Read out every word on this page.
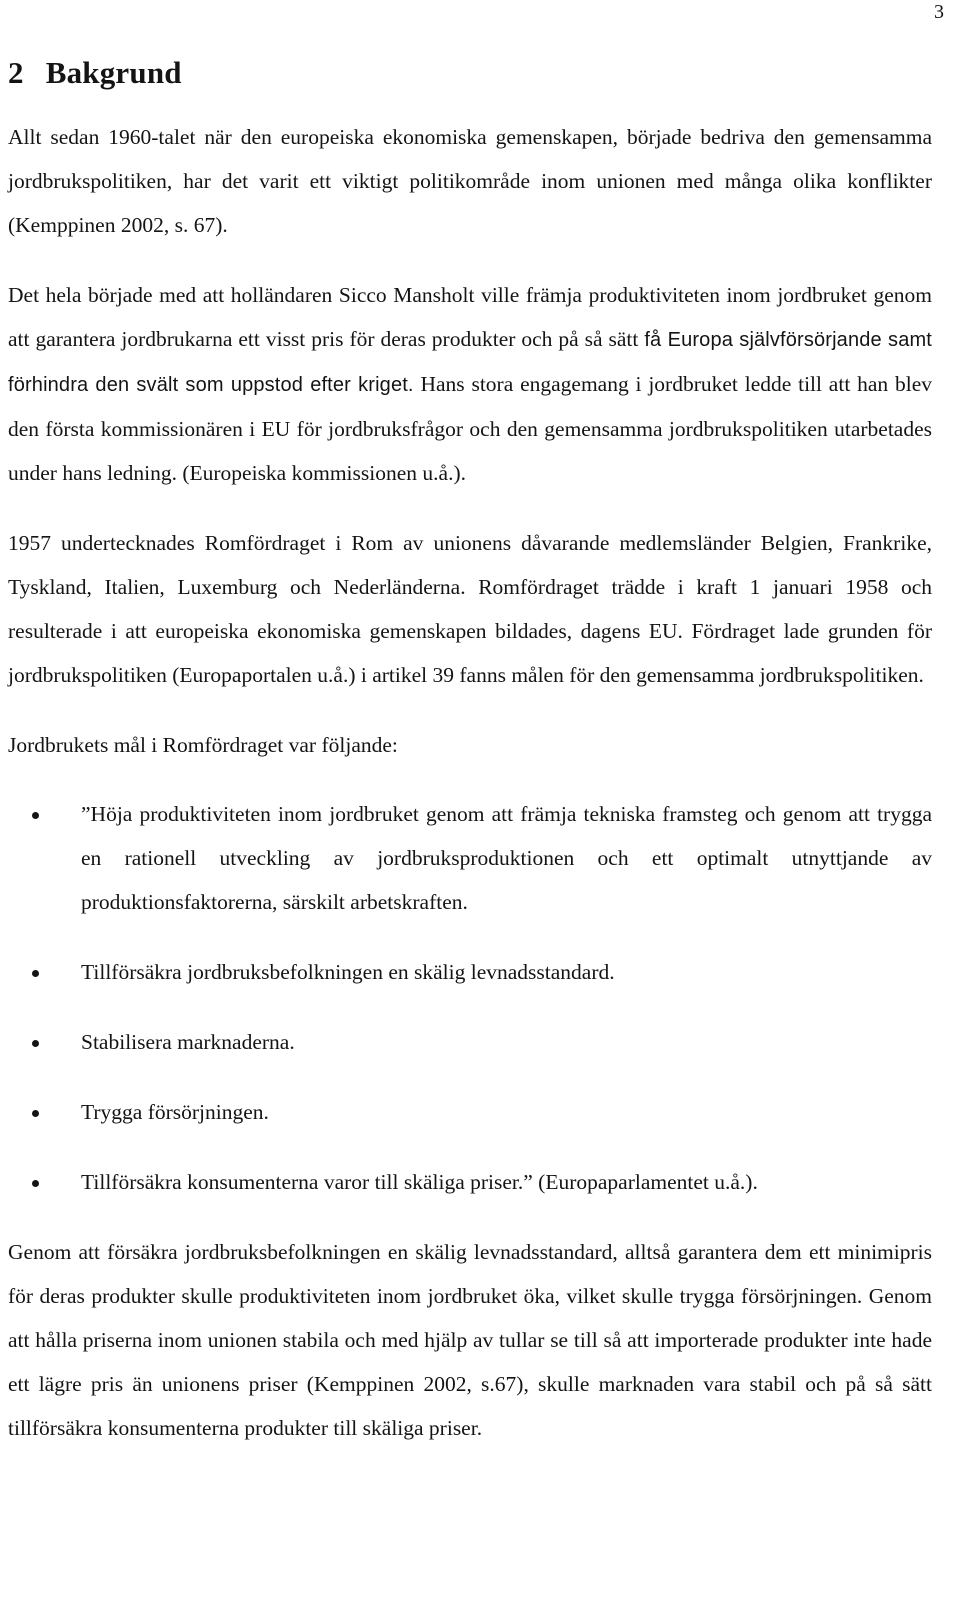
3
2 Bakgrund

Allt sedan 1960-talet när den europeiska ekonomiska gemenskapen, började bedriva den gemensamma jordbrukspolitiken, har det varit ett viktigt politikområde inom unionen med många olika konflikter (Kemppinen 2002, s. 67).

Det hela började med att holländaren Sicco Mansholt ville främja produktiviteten inom jordbruket genom att garantera jordbrukarna ett visst pris för deras produkter och på så sätt få Europa självförsörjande samt förhindra den svält som uppstod efter kriget. Hans stora engagemang i jordbruket ledde till att han blev den första kommissionären i EU för jordbruksfrågor och den gemensamma jordbrukspolitiken utarbetades under hans ledning. (Europeiska kommissionen u.å.).

1957 undertecknades Romfördraget i Rom av unionens dåvarande medlemsländer Belgien, Frankrike, Tyskland, Italien, Luxemburg och Nederländerna. Romfördraget trädde i kraft 1 januari 1958 och resulterade i att europeiska ekonomiska gemenskapen bildades, dagens EU. Fördraget lade grunden för jordbrukspolitiken (Europaportalen u.å.) i artikel 39 fanns målen för den gemensamma jordbrukspolitiken.

Jordbrukets mål i Romfördraget var följande:

”Höja produktiviteten inom jordbruket genom att främja tekniska framsteg och genom att trygga en rationell utveckling av jordbruksproduktionen och ett optimalt utnyttjande av produktionsfaktorerna, särskilt arbetskraften.
Tillförsäkra jordbruksbefolkningen en skälig levnadsstandard.
Stabilisera marknaderna.
Trygga försörjningen.
Tillförsäkra konsumenterna varor till skäliga priser.” (Europaparlamentet u.å.).

Genom att försäkra jordbruksbefolkningen en skälig levnadsstandard, alltså garantera dem ett minimipris för deras produkter skulle produktiviteten inom jordbruket öka, vilket skulle trygga försörjningen. Genom att hålla priserna inom unionen stabila och med hjälp av tullar se till så att importerade produkter inte hade ett lägre pris än unionens priser (Kemppinen 2002, s.67), skulle marknaden vara stabil och på så sätt tillförsäkra konsumenterna produkter till skäliga priser.
